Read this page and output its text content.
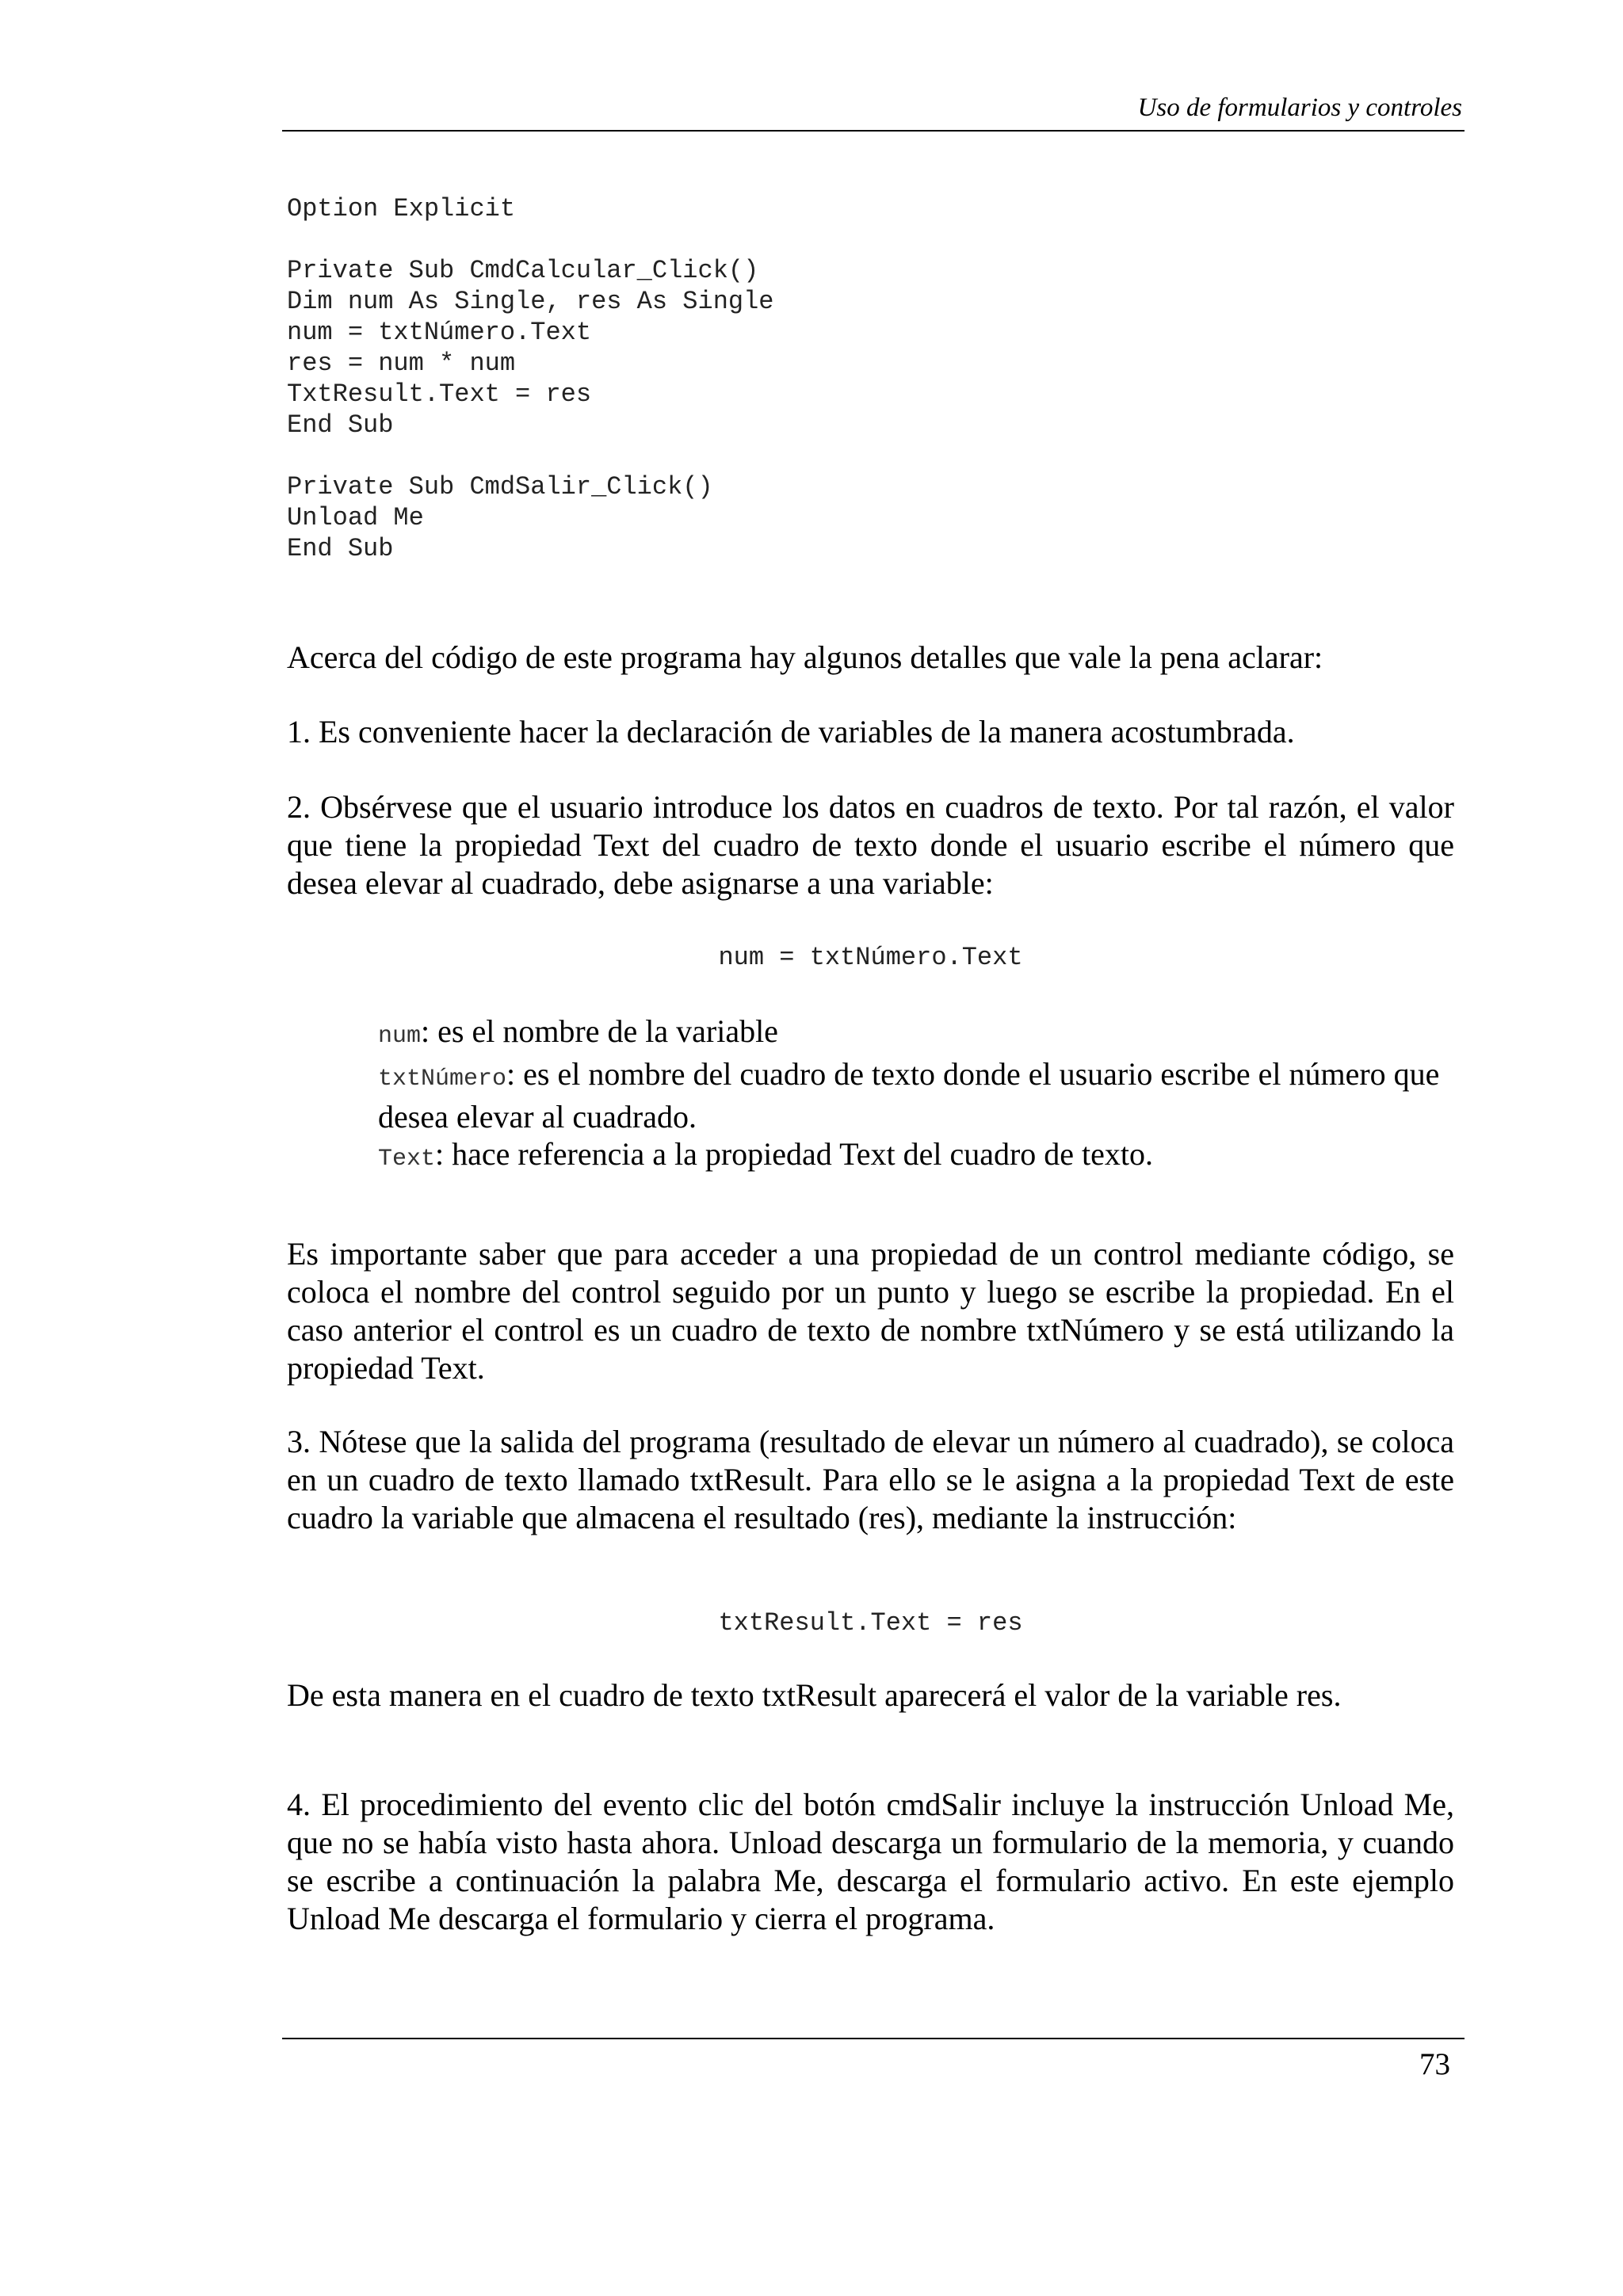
Uso de formularios y controles
Option Explicit
Private Sub CmdCalcular_Click()
Dim num As Single, res As Single
num = txtNúmero.Text
res = num * num
TxtResult.Text = res
End Sub
Private Sub CmdSalir_Click()
Unload Me
End Sub

Acerca del código de este programa hay algunos detalles que vale la pena aclarar:

1. Es conveniente hacer la declaración de variables de la manera acostumbrada.

2. Obsérvese que el usuario introduce los datos en cuadros de texto. Por tal razón, el valor que tiene la propiedad Text del cuadro de texto donde el usuario escribe el número que desea elevar al cuadrado, debe asignarse a una variable:

num = txtNúmero.Text
num: es el nombre de la variable
txtNúmero: es el nombre del cuadro de texto donde el usuario escribe el número que desea elevar al cuadrado.
Text: hace referencia a la propiedad Text del cuadro de texto.

Es importante saber que para acceder a una propiedad de un control mediante código, se coloca el nombre del control seguido por un punto y luego se escribe la propiedad. En el caso anterior el control es un cuadro de texto de nombre txtNúmero y se está utilizando la propiedad Text.

3. Nótese que la salida del programa (resultado de elevar un número al cuadrado), se coloca en un cuadro de texto llamado txtResult. Para ello se le asigna a la propiedad Text de este cuadro la variable que almacena el resultado (res), mediante la instrucción:

txtResult.Text = res

De esta manera en el cuadro de texto txtResult aparecerá el valor de la variable res.

4. El procedimiento del evento clic del botón cmdSalir incluye la instrucción Unload Me, que no se había visto hasta ahora. Unload descarga un formulario de la memoria, y cuando se escribe a continuación la palabra Me, descarga el formulario activo. En este ejemplo Unload Me descarga el formulario y cierra el programa.

73
